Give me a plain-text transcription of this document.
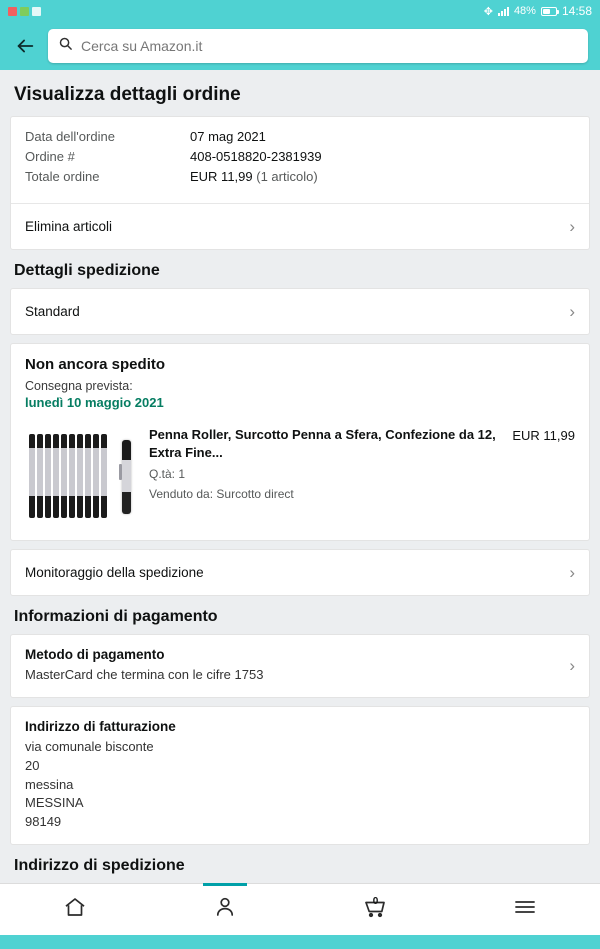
✥ 48% 14:58
Cerca su Amazon.it
Visualizza dettagli ordine
Data dell'ordine	07 mag 2021
Ordine #	408-0518820-2381939
Totale ordine	EUR 11,99 (1 articolo)
Elimina articoli	›
Dettagli spedizione
Standard	›
Non ancora spedito
Consegna prevista:
lunedì 10 maggio 2021
Penna Roller, Surcotto Penna a Sfera, Confezione da 12, Extra Fine...
Q.tà: 1
Venduto da: Surcotto direct
EUR 11,99
Monitoraggio della spedizione	›
Informazioni di pagamento
Metodo di pagamento
MasterCard che termina con le cifre 1753	›
Indirizzo di fatturazione
via comunale bisconte
20
messina
MESSINA
98149
Indirizzo di spedizione
0
